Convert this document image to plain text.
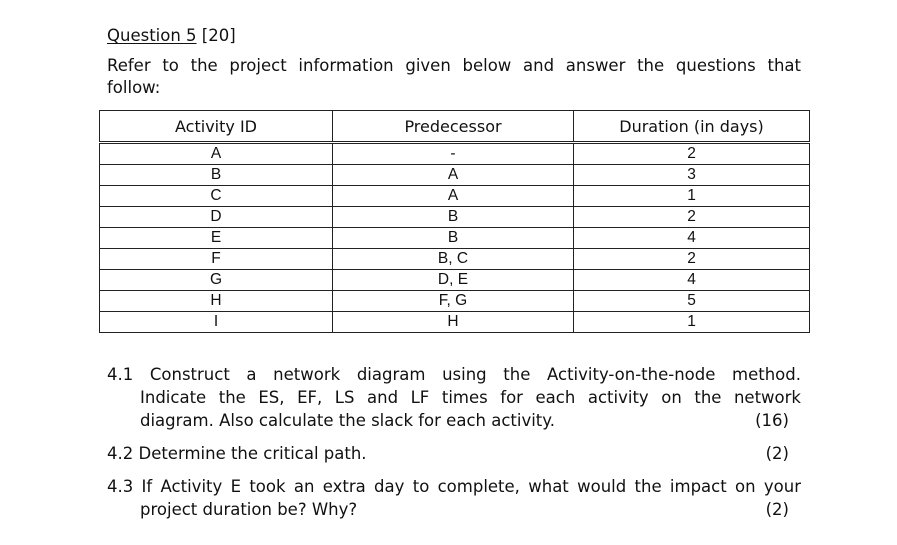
Question 5 [20]
Refer to the project information given below and answer the questions that
follow:
Activity ID	Predecessor	Duration (in days)
A	-	2
B	A	3
C	A	1
D	B	2
E	B	4
F	B, C	2
G	D, E	4
H	F, G	5
I	H	1
4.1 Construct a network diagram using the Activity-on-the-node method.
Indicate the ES, EF, LS and LF times for each activity on the network
diagram. Also calculate the slack for each activity.	(16)
4.2 Determine the critical path.	(2)
4.3 If Activity E took an extra day to complete, what would the impact on your
project duration be? Why?	(2)
